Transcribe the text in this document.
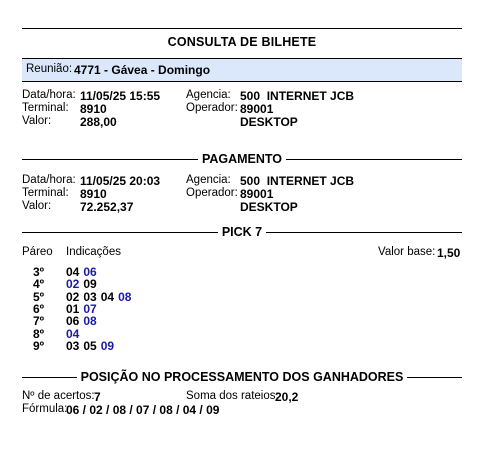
CONSULTA DE BILHETE
Reunião: 4771 - Gávea - Domingo
Data/hora: 11/05/25 15:55
Terminal: 8910
Valor: 288,00
Agencia: 500  INTERNET JCB
Operador: 89001
DESKTOP
PAGAMENTO
Data/hora: 11/05/25 20:03
Terminal: 8910
Valor: 72.252,37
Agencia: 500  INTERNET JCB
Operador: 89001
DESKTOP
PICK 7
Páreo Indicações	Valor base: 1,50
3º 04 06
4º 02 09
5º 02 03 04 08
6º 01 07
7º 06 08
8º 04
9º 03 05 09
POSIÇÃO NO PROCESSAMENTO DOS GANHADORES
Nº de acertos: 7	Soma dos rateios:
20,2
Fórmula:
06 / 02 / 08 / 07 / 08 / 04 / 09
